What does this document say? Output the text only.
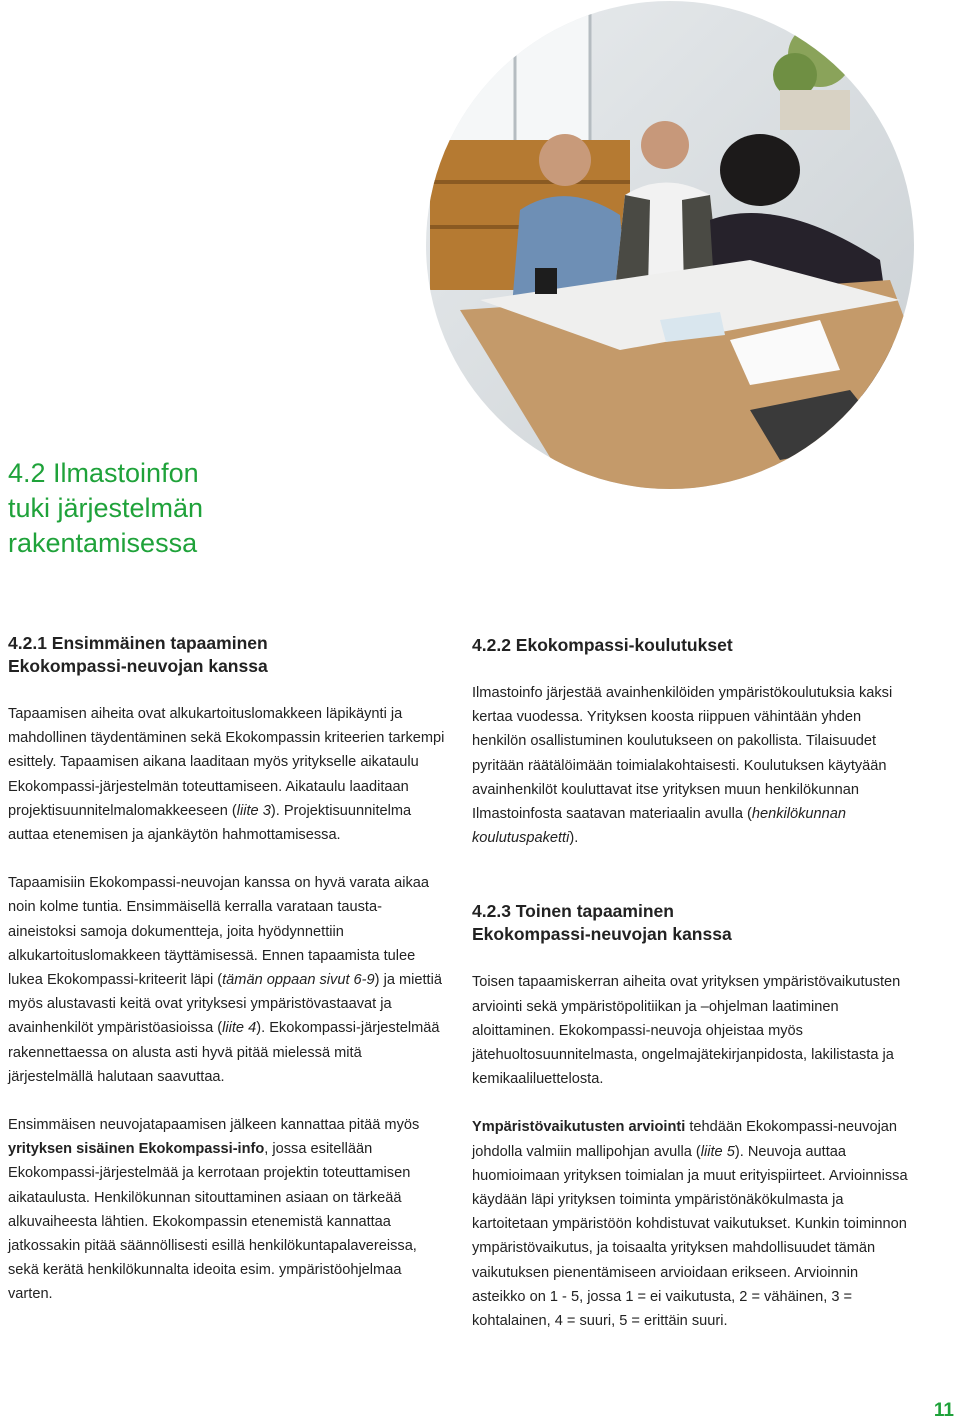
4.2 Ilmastoinfon
tuki järjestelmän
rakentamisessa
4.2.1 Ensimmäinen tapaaminen
Ekokompassi-neuvojan kanssa

Tapaamisen aiheita ovat alkukartoituslomakkeen läpikäynti ja mahdollinen täydentäminen sekä Ekokompassin kriteerien tarkempi esittely. Tapaamisen aikana laaditaan myös yritykselle aikataulu Ekokompassi-järjestelmän toteuttamiseen. Aikataulu laaditaan projektisuunnitelmalomakkeeseen (liite 3). Projektisuunnitelma auttaa etenemisen ja ajankäytön hahmottamisessa.

Tapaamisiin Ekokompassi-neuvojan kanssa on hyvä varata aikaa noin kolme tuntia. Ensimmäisellä kerralla varataan tausta-aineistoksi samoja dokumentteja, joita hyödynnettiin alkukartoituslomakkeen täyttämisessä. Ennen tapaamista tulee lukea Ekokompassi-kriteerit läpi (tämän oppaan sivut 6-9) ja miettiä myös alustavasti keitä ovat yrityksesi ympäristövastaavat ja avainhenkilöt ympäristöasioissa (liite 4). Ekokompassi-järjestelmää rakennettaessa on alusta asti hyvä pitää mielessä mitä järjestelmällä halutaan saavuttaa.

Ensimmäisen neuvojatapaamisen jälkeen kannattaa pitää myös yrityksen sisäinen Ekokompassi-info, jossa esitellään Ekokompassi-järjestelmää ja kerrotaan projektin toteuttamisen aikataulusta. Henkilökunnan sitouttaminen asiaan on tärkeää alkuvaiheesta lähtien. Ekokompassin etenemistä kannattaa jatkossakin pitää säännöllisesti esillä henkilökuntapalavereissa, sekä kerätä henkilökunnalta ideoita esim. ympäristöohjelmaa varten.

4.2.2 Ekokompassi-koulutukset

Ilmastoinfo järjestää avainhenkilöiden ympäristökoulutuksia kaksi kertaa vuodessa. Yrityksen koosta riippuen vähintään yhden henkilön osallistuminen koulutukseen on pakollista. Tilaisuudet pyritään räätälöimään toimialakohtaisesti. Koulutuksen käytyään avainhenkilöt kouluttavat itse yrityksen muun henkilökunnan Ilmastoinfosta saatavan materiaalin avulla (henkilökunnan koulutuspaketti).

4.2.3 Toinen tapaaminen
Ekokompassi-neuvojan kanssa

Toisen tapaamiskerran aiheita ovat yrityksen ympäristövaikutusten arviointi sekä ympäristöpolitiikan ja –ohjelman laatiminen aloittaminen. Ekokompassi-neuvoja ohjeistaa myös jätehuoltosuunnitelmasta, ongelmajätekirjanpidosta, lakilistasta ja kemikaaliluettelosta.

Ympäristövaikutusten arviointi tehdään Ekokompassi-neuvojan johdolla valmiin mallipohjan avulla (liite 5). Neuvoja auttaa huomioimaan yrityksen toimialan ja muut erityispiirteet. Arvioinnissa käydään läpi yrityksen toiminta ympäristönäkökulmasta ja kartoitetaan ympäristöön kohdistuvat vaikutukset. Kunkin toiminnon ympäristövaikutus, ja toisaalta yrityksen mahdollisuudet tämän vaikutuksen pienentämiseen arvioidaan erikseen. Arvioinnin asteikko on 1 - 5, jossa 1 = ei vaikutusta, 2 = vähäinen, 3 = kohtalainen, 4 = suuri, 5 = erittäin suuri.

11
